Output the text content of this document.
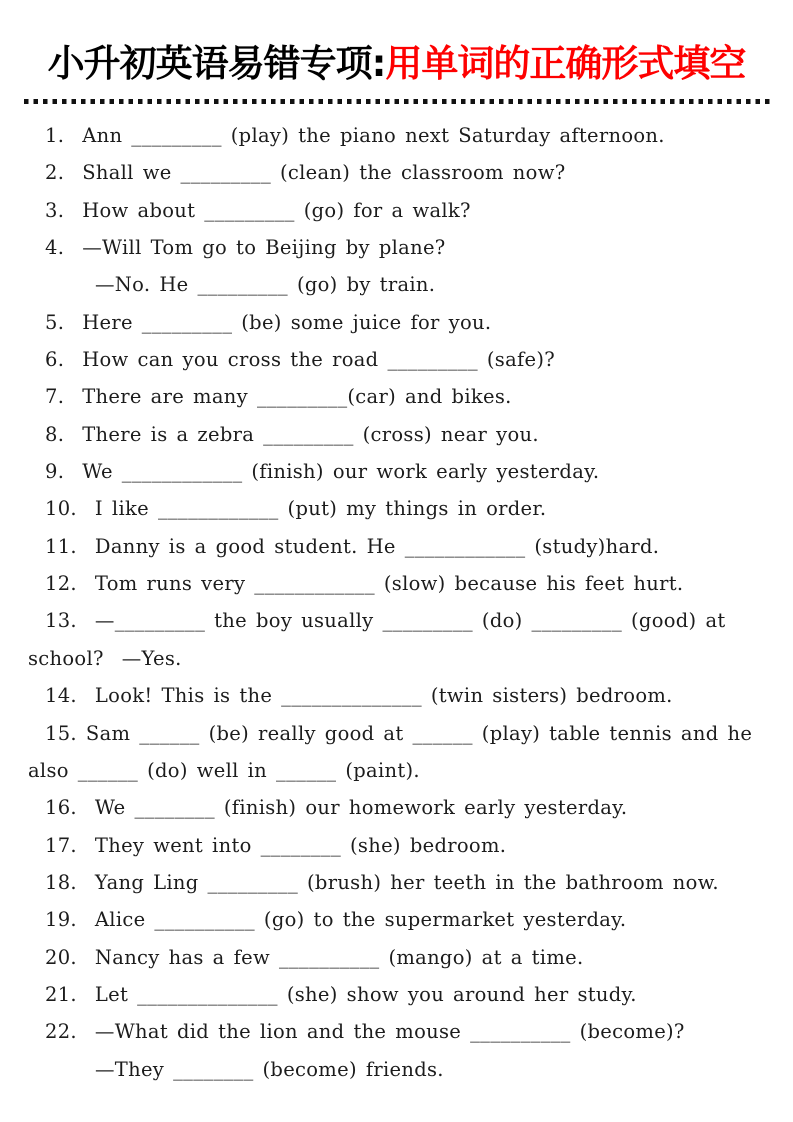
小升初英语易错专项:用单词的正确形式填空
1.  Ann _________ (play) the piano next Saturday afternoon.
2.  Shall we _________ (clean) the classroom now?
3.  How about _________ (go) for a walk?
4.  —Will Tom go to Beijing by plane?
—No. He _________ (go) by train.
5.  Here _________ (be) some juice for you.
6.  How can you cross the road _________ (safe)?
7.  There are many _________(car) and bikes.
8.  There is a zebra _________ (cross) near you.
9.  We ____________ (finish) our work early yesterday.
10.  I like ____________ (put) my things in order.
11.  Danny is a good student. He ____________ (study)hard.
12.  Tom runs very ____________ (slow) because his feet hurt.
13.  —_________ the boy usually _________ (do) _________ (good) at
school?  —Yes.
14.  Look! This is the ______________ (twin sisters) bedroom.
15. Sam ______ (be) really good at ______ (play) table tennis and he
also ______ (do) well in ______ (paint).
16.  We ________ (finish) our homework early yesterday.
17.  They went into ________ (she) bedroom.
18.  Yang Ling _________ (brush) her teeth in the bathroom now.
19.  Alice __________ (go) to the supermarket yesterday.
20.  Nancy has a few __________ (mango) at a time.
21.  Let ______________ (she) show you around her study.
22.  —What did the lion and the mouse __________ (become)?
—They ________ (become) friends.
